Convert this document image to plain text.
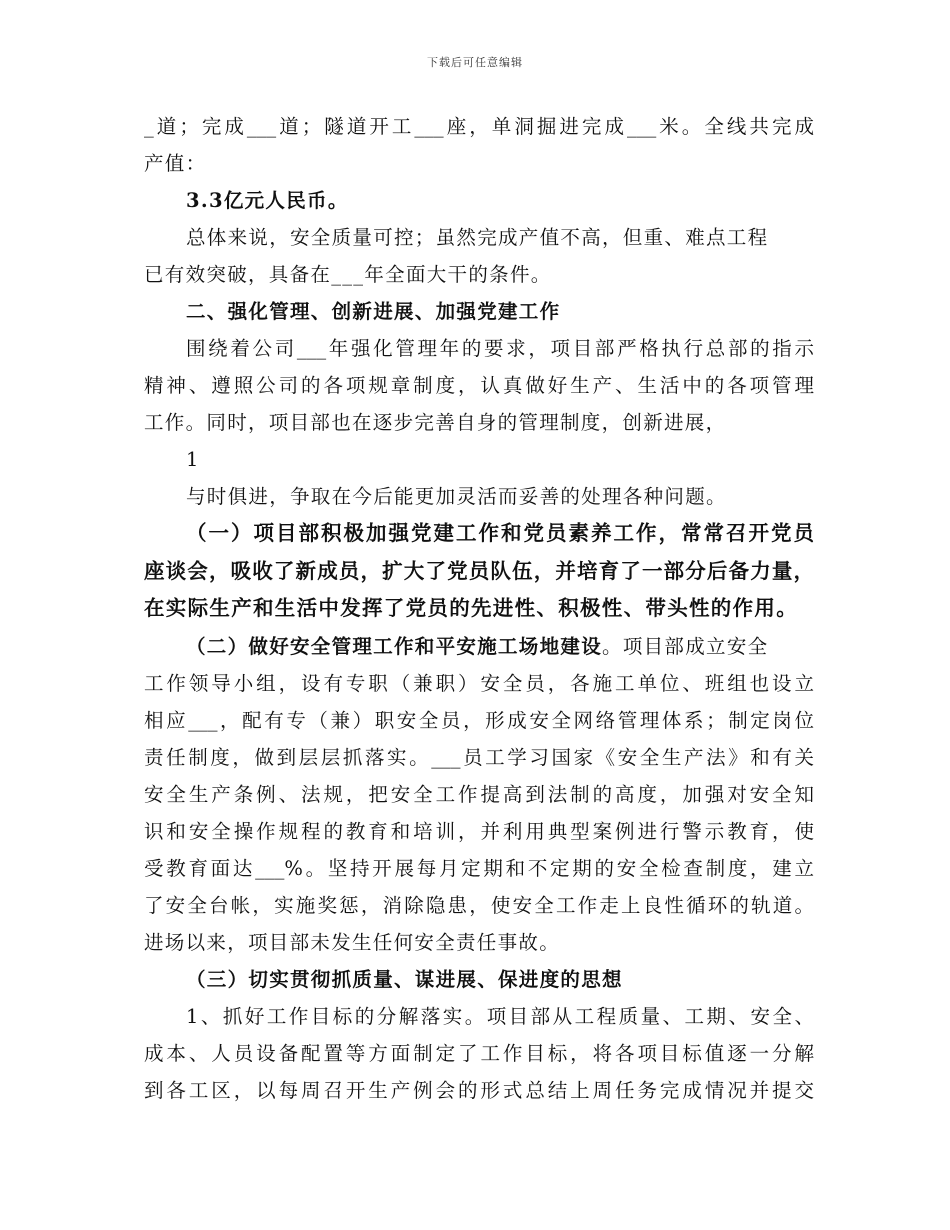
下载后可任意编辑
_道；完成___道；隧道开工___座，单洞掘进完成___米。全线共完成
产值：
3.3亿元人民币。
总体来说，安全质量可控；虽然完成产值不高，但重、难点工程
已有效突破，具备在___年全面大干的条件。
二、强化管理、创新进展、加强党建工作
围绕着公司___年强化管理年的要求，项目部严格执行总部的指示
精神、遵照公司的各项规章制度，认真做好生产、生活中的各项管理
工作。同时，项目部也在逐步完善自身的管理制度，创新进展，
1
与时俱进，争取在今后能更加灵活而妥善的处理各种问题。
（一）项目部积极加强党建工作和党员素养工作，常常召开党员
座谈会，吸收了新成员，扩大了党员队伍，并培育了一部分后备力量，
在实际生产和生活中发挥了党员的先进性、积极性、带头性的作用。
（二）做好安全管理工作和平安施工场地建设。项目部成立安全
工作领导小组，设有专职（兼职）安全员，各施工单位、班组也设立
相应___，配有专（兼）职安全员，形成安全网络管理体系；制定岗位
责任制度，做到层层抓落实。___员工学习国家《安全生产法》和有关
安全生产条例、法规，把安全工作提高到法制的高度，加强对安全知
识和安全操作规程的教育和培训，并利用典型案例进行警示教育，使
受教育面达___%。坚持开展每月定期和不定期的安全检查制度，建立
了安全台帐，实施奖惩，消除隐患，使安全工作走上良性循环的轨道。
进场以来，项目部未发生任何安全责任事故。
（三）切实贯彻抓质量、谋进展、保进度的思想
1、抓好工作目标的分解落实。项目部从工程质量、工期、安全、
成本、人员设备配置等方面制定了工作目标，将各项目标值逐一分解
到各工区，以每周召开生产例会的形式总结上周任务完成情况并提交
